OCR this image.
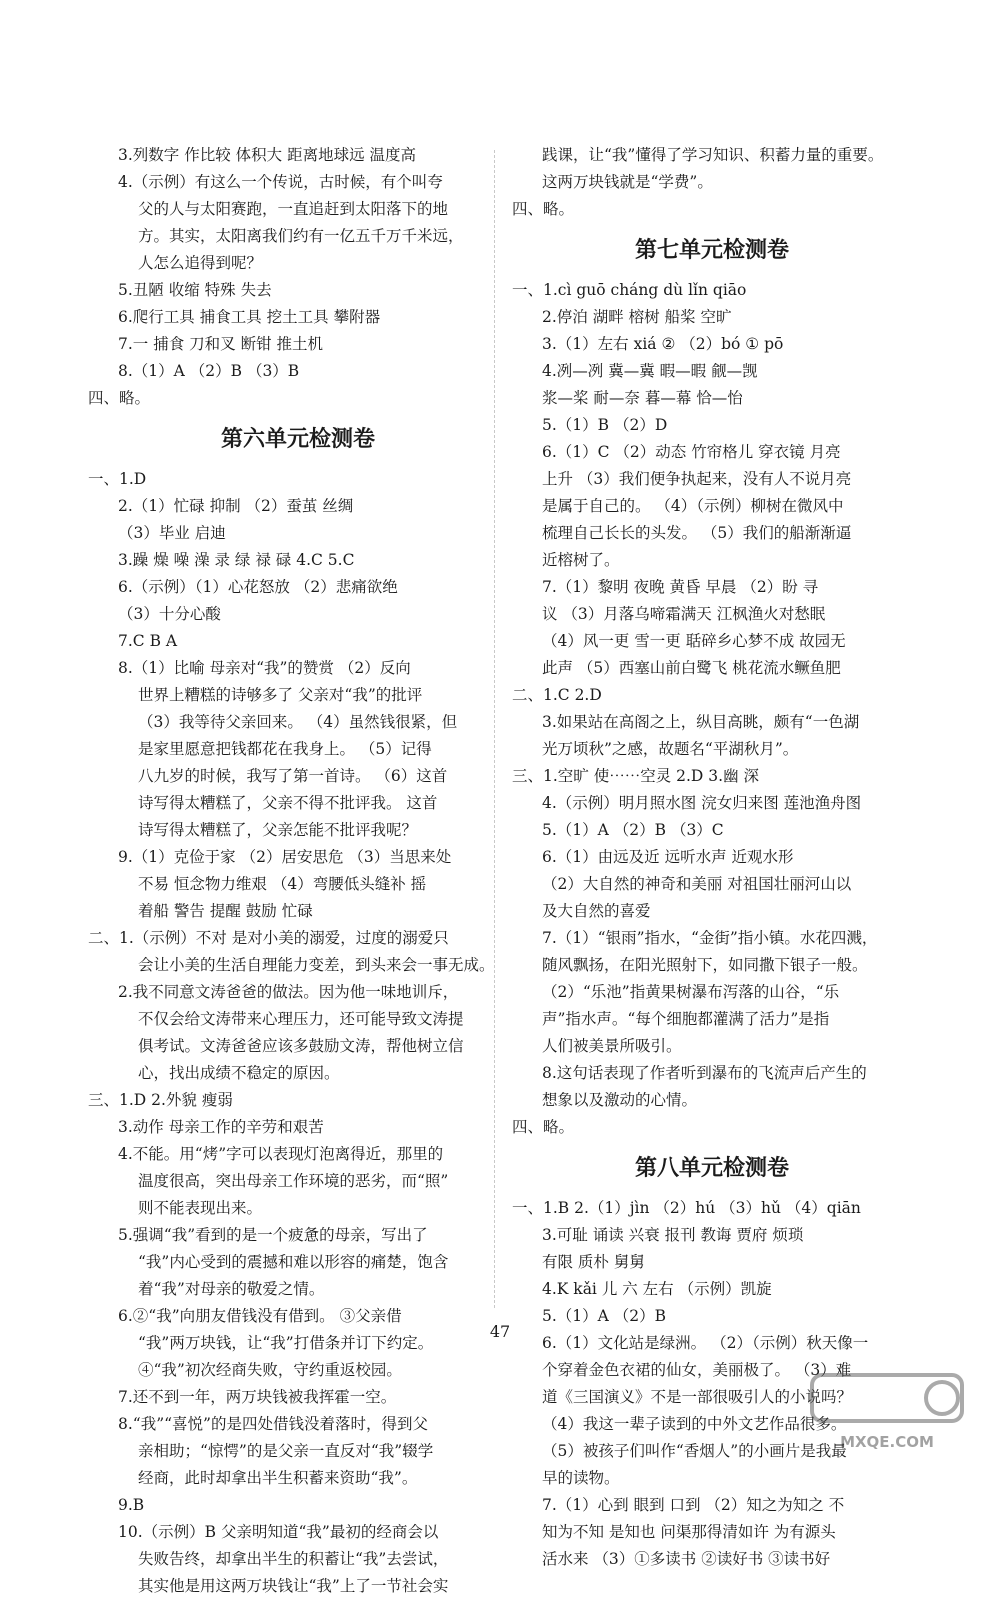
3.列数字 作比较 体积大 距离地球远 温度高
4.（示例）有这么一个传说，古时候，有个叫夸
父的人与太阳赛跑，一直追赶到太阳落下的地
方。其实，太阳离我们约有一亿五千万千米远，
人怎么追得到呢？
5.丑陋 收缩 特殊 失去
6.爬行工具 捕食工具 挖土工具 攀附器
7.一 捕食 刀和叉 断钳 推土机
8.（1）A （2）B （3）B
四、略。
第六单元检测卷
一、1.D
2.（1）忙碌 抑制 （2）蚕茧 丝绸
（3）毕业 启迪
3.躁 燥 噪 澡 录 绿 禄 碌 4.C 5.C
6.（示例）（1）心花怒放 （2）悲痛欲绝
（3）十分心酸
7.C B A
8.（1）比喻 母亲对“我”的赞赏 （2）反向
世界上糟糕的诗够多了 父亲对“我”的批评
（3）我等待父亲回来。 （4）虽然钱很紧，但
是家里愿意把钱都花在我身上。 （5）记得
八九岁的时候，我写了第一首诗。 （6）这首
诗写得太糟糕了，父亲不得不批评我。 这首
诗写得太糟糕了，父亲怎能不批评我呢？
9.（1）克俭于家 （2）居安思危 （3）当思来处
不易 恒念物力维艰 （4）弯腰低头缝补 摇
着船 警告 提醒 鼓励 忙碌
二、1.（示例）不对 是对小美的溺爱，过度的溺爱只
会让小美的生活自理能力变差，到头来会一事无成。
2.我不同意文涛爸爸的做法。因为他一味地训斥，
不仅会给文涛带来心理压力，还可能导致文涛提
俱考试。文涛爸爸应该多鼓励文涛，帮他树立信
心，找出成绩不稳定的原因。
三、1.D 2.外貌 瘦弱
3.动作 母亲工作的辛劳和艰苦
4.不能。用“烤”字可以表现灯泡离得近，那里的
温度很高，突出母亲工作环境的恶劣，而“照”
则不能表现出来。
5.强调“我”看到的是一个疲惫的母亲，写出了
“我”内心受到的震撼和难以形容的痛楚，饱含
着“我”对母亲的敬爱之情。
6.②“我”向朋友借钱没有借到。 ③父亲借
“我”两万块钱，让“我”打借条并订下约定。
④“我”初次经商失败，守约重返校园。
7.还不到一年，两万块钱被我挥霍一空。
8.“我”“喜悦”的是四处借钱没着落时，得到父
亲相助；“惊愕”的是父亲一直反对“我”辍学
经商，此时却拿出半生积蓄来资助“我”。
9.B
10.（示例）B 父亲明知道“我”最初的经商会以
失败告终，却拿出半生的积蓄让“我”去尝试，
其实他是用这两万块钱让“我”上了一节社会实
践课，让“我”懂得了学习知识、积蓄力量的重要。
这两万块钱就是“学费”。
四、略。
第七单元检测卷
一、1.cì guō cháng dù lǐn qiāo
2.停泊 湖畔 榕树 船桨 空旷
3.（1）左右 xiá ② （2）bó ① pō
4.冽—冽 冀—冀 暇—暇 觎—觊
浆—桨 耐—奈 暮—幕 恰—怡
5.（1）B （2）D
6.（1）C （2）动态 竹帘格儿 穿衣镜 月亮
上升 （3）我们便争执起来，没有人不说月亮
是属于自己的。 （4）（示例）柳树在微风中
梳理自己长长的头发。 （5）我们的船渐渐逼
近榕树了。
7.（1）黎明 夜晚 黄昏 早晨 （2）盼 寻
议 （3）月落乌啼霜满天 江枫渔火对愁眠
（4）风一更 雪一更 聒碎乡心梦不成 故园无
此声 （5）西塞山前白鹭飞 桃花流水鳜鱼肥
二、1.C 2.D
3.如果站在高阁之上，纵目高眺，颇有“一色湖
光万顷秋”之感，故题名“平湖秋月”。
三、1.空旷 使⋯⋯空灵 2.D 3.幽 深
4.（示例）明月照水图 浣女归来图 莲池渔舟图
5.（1）A （2）B （3）C
6.（1）由远及近 远听水声 近观水形
（2）大自然的神奇和美丽 对祖国壮丽河山以
及大自然的喜爱
7.（1）“银雨”指水，“金街”指小镇。水花四溅，
随风飘扬，在阳光照射下，如同撒下银子一般。
（2）“乐池”指黄果树瀑布泻落的山谷，“乐
声”指水声。“每个细胞都灌满了活力”是指
人们被美景所吸引。
8.这句话表现了作者听到瀑布的飞流声后产生的
想象以及激动的心情。
四、略。
第八单元检测卷
一、1.B 2.（1）jìn （2）hú （3）hǔ （4）qiān
3.可耻 诵读 兴衰 报刊 教诲 贾府 烦琐
有限 质朴 舅舅
4.K kǎi 儿 六 左右 （示例）凯旋
5.（1）A （2）B
6.（1）文化站是绿洲。 （2）（示例）秋天像一
个穿着金色衣裙的仙女，美丽极了。 （3）难
道《三国演义》不是一部很吸引人的小说吗？
（4）我这一辈子读到的中外文艺作品很多。
（5）被孩子们叫作“香烟人”的小画片是我最
早的读物。
7.（1）心到 眼到 口到 （2）知之为知之 不
知为不知 是知也 问渠那得清如许 为有源头
活水来 （3）①多读书 ②读好书 ③读书好
47
MXQE.COM
